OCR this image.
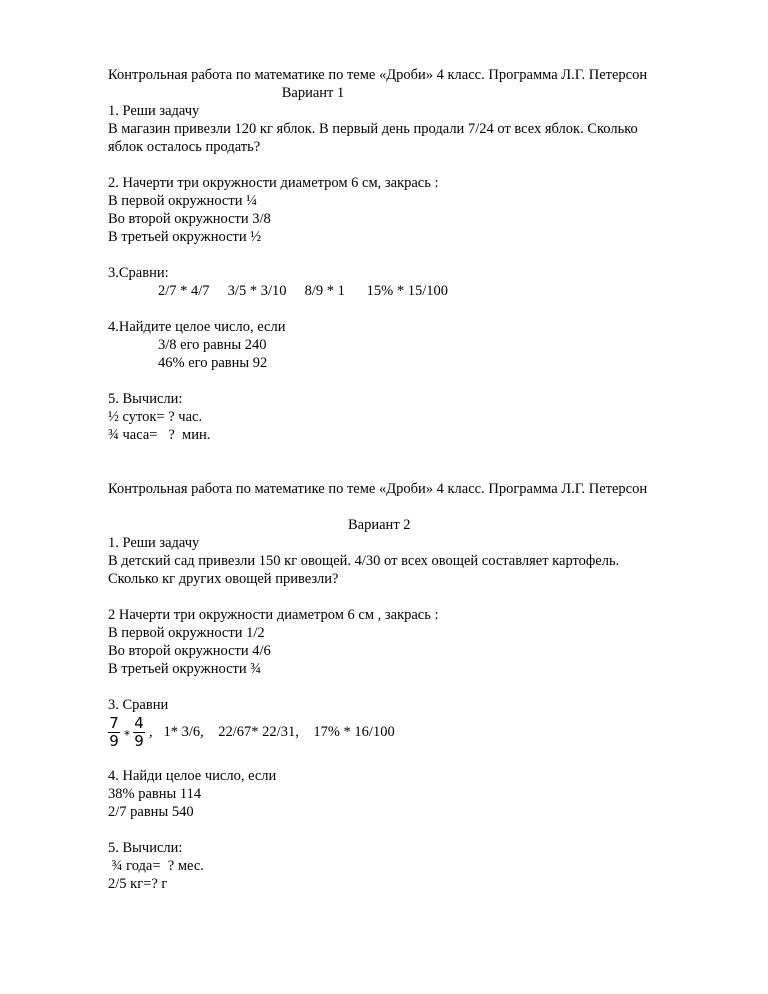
Контрольная работа по математике по теме «Дроби» 4 класс. Программа Л.Г. Петерсон
Вариант 1
1. Реши задачу
В магазин привезли 120 кг яблок. В первый день продали 7/24 от всех яблок. Сколько
яблок осталось продать?
2. Начерти три окружности диаметром 6 см, закрась :
В первой окружности ¼
Во второй окружности 3/8
В третьей окружности ½
3.Сравни:
2/7 * 4/7     3/5 * 3/10     8/9 * 1      15% * 15/100
4.Найдите целое число, если
3/8 его равны 240
46% его равны 92
5. Вычисли:
½ суток= ? час.
¾ часа=   ?  мин.
Контрольная работа по математике по теме «Дроби» 4 класс. Программа Л.Г. Петерсон
Вариант 2
1. Реши задачу
В детский сад привезли 150 кг овощей. 4/30 от всех овощей составляет картофель.
Сколько кг других овощей привезли?
2 Начерти три окружности диаметром 6 см , закрась :
В первой окружности 1/2
Во второй окружности 4/6
В третьей окружности ¾
3. Сравни
$\frac{7}{9} * \frac{4}{9}$ ,   1* 3/6,    22/67* 22/31,    17% * 16/100
4. Найди целое число, если
38% равны 114
2/7 равны 540
5. Вычисли:
¾ года=  ? мес.
2/5 кг=? г
